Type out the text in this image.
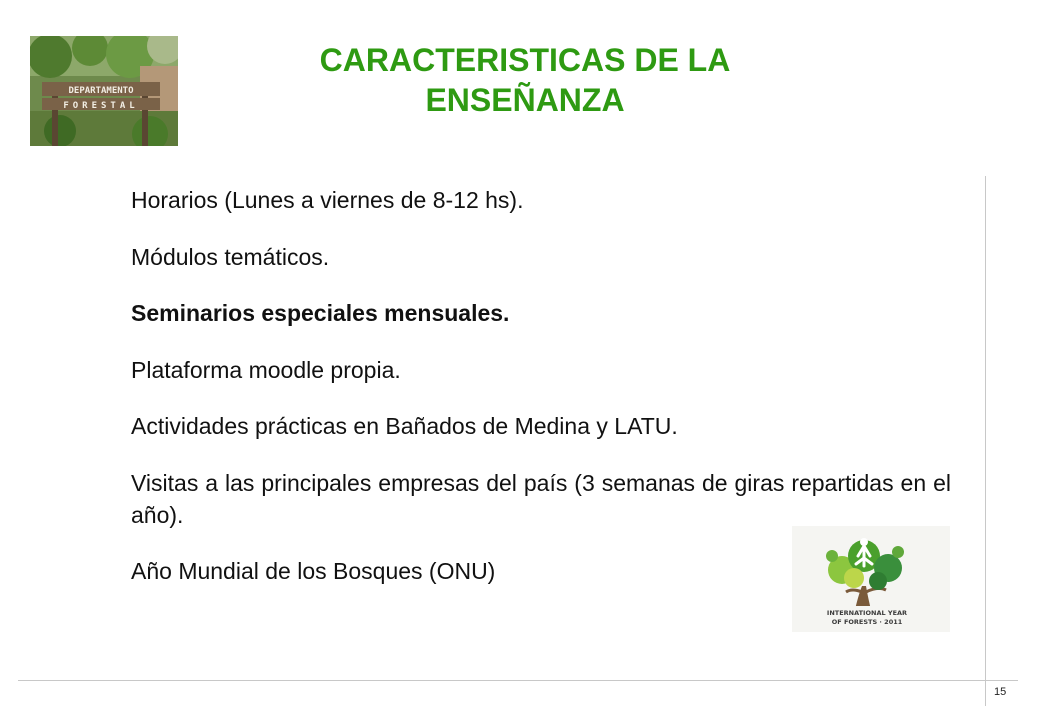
DEPARTAMENTO
FORESTAL
CARACTERISTICAS DE LA
ENSEÑANZA
Horarios (Lunes a viernes de 8-12 hs).
Módulos temáticos.
Seminarios especiales mensuales.
Plataforma moodle propia.
Actividades prácticas en Bañados de Medina y LATU.
Visitas a las principales empresas del país (3 semanas de giras repartidas en el año).
Año Mundial de los Bosques (ONU)
INTERNATIONAL YEAR
OF FORESTS · 2011
15
